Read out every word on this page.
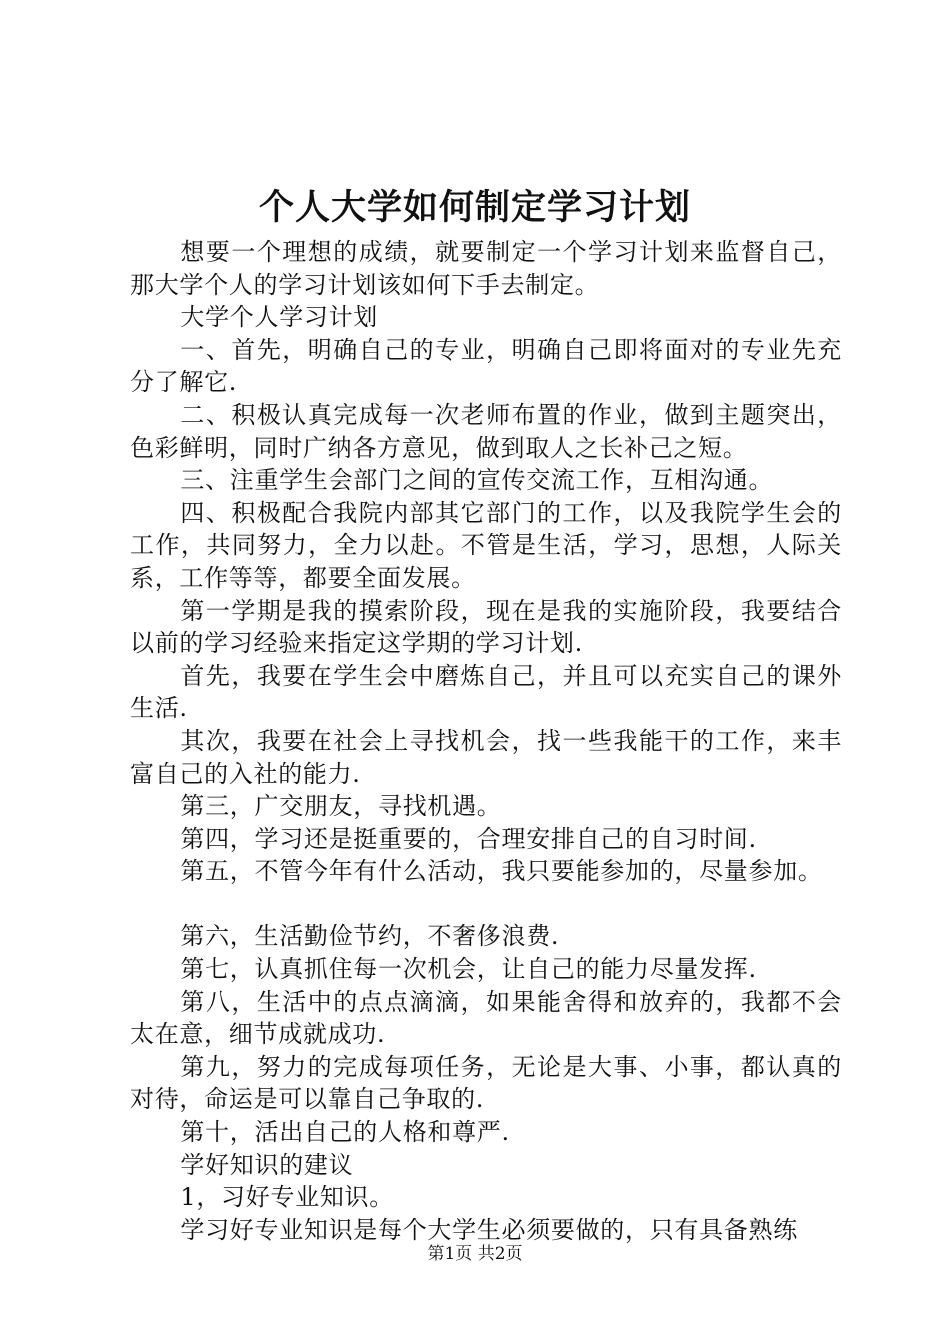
个人大学如何制定学习计划

想要一个理想的成绩，就要制定一个学习计划来监督自己，那大学个人的学习计划该如何下手去制定。

大学个人学习计划

一、首先，明确自己的专业，明确自己即将面对的专业先充分了解它.

二、积极认真完成每一次老师布置的作业，做到主题突出，色彩鲜明，同时广纳各方意见，做到取人之长补己之短。

三、注重学生会部门之间的宣传交流工作，互相沟通。

四、积极配合我院内部其它部门的工作，以及我院学生会的工作，共同努力，全力以赴。不管是生活，学习，思想，人际关系，工作等等，都要全面发展。

第一学期是我的摸索阶段，现在是我的实施阶段，我要结合以前的学习经验来指定这学期的学习计划.

首先，我要在学生会中磨炼自己，并且可以充实自己的课外生活.

其次，我要在社会上寻找机会，找一些我能干的工作，来丰富自己的入社的能力.

第三，广交朋友，寻找机遇。

第四，学习还是挺重要的，合理安排自己的自习时间.

第五，不管今年有什么活动，我只要能参加的，尽量参加。

第六，生活勤俭节约，不奢侈浪费.

第七，认真抓住每一次机会，让自己的能力尽量发挥.

第八，生活中的点点滴滴，如果能舍得和放弃的，我都不会太在意，细节成就成功.

第九，努力的完成每项任务，无论是大事、小事，都认真的对待，命运是可以靠自己争取的.

第十，活出自己的人格和尊严.

学好知识的建议

1，习好专业知识。

学习好专业知识是每个大学生必须要做的，只有具备熟练

第1页 共2页
